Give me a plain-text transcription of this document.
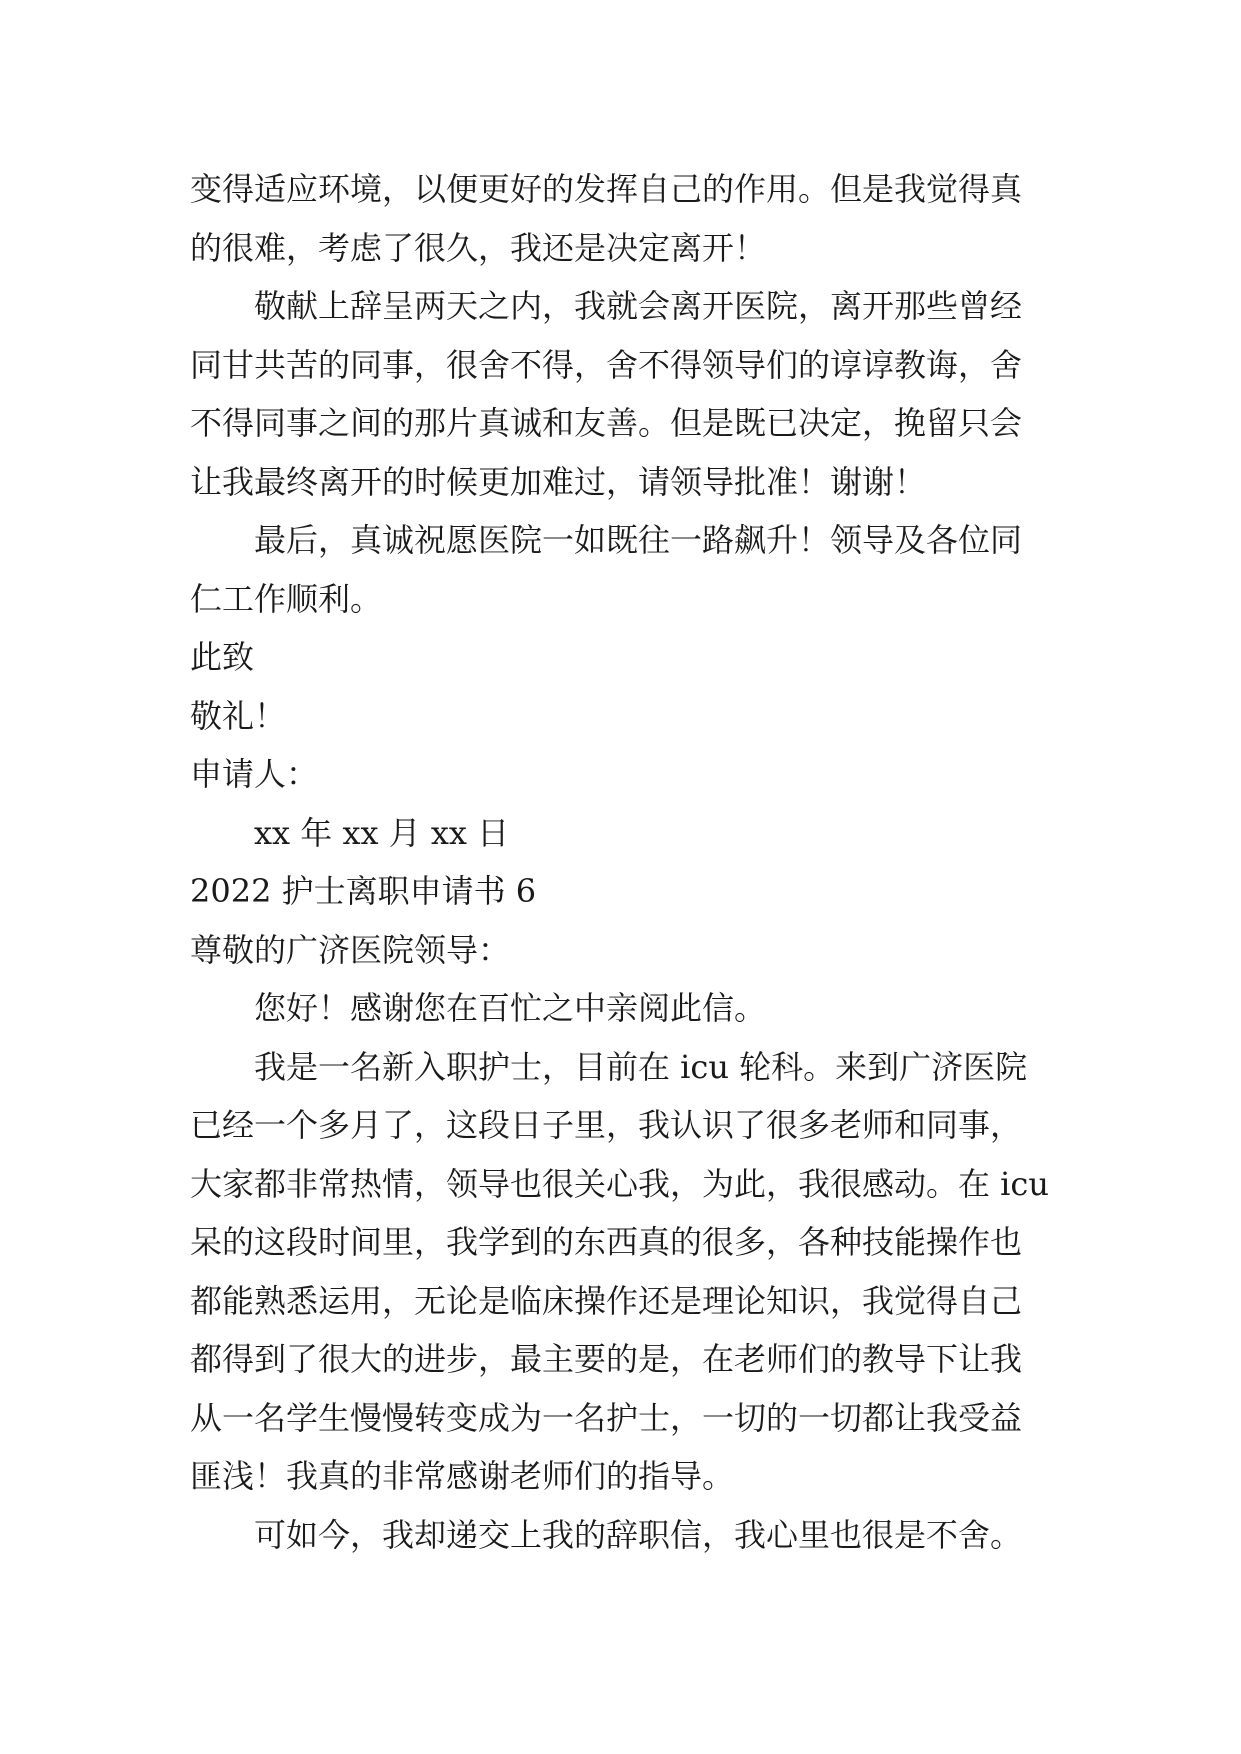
变得适应环境，以便更好的发挥自己的作用。但是我觉得真
的很难，考虑了很久，我还是决定离开！
敬献上辞呈两天之内，我就会离开医院，离开那些曾经
同甘共苦的同事，很舍不得，舍不得领导们的谆谆教诲，舍
不得同事之间的那片真诚和友善。但是既已决定，挽留只会
让我最终离开的时候更加难过，请领导批准！谢谢！
最后，真诚祝愿医院一如既往一路飙升！领导及各位同
仁工作顺利。
此致
敬礼！
申请人：
xx 年 xx 月 xx 日
2022 护士离职申请书 6
尊敬的广济医院领导：
您好！感谢您在百忙之中亲阅此信。
我是一名新入职护士，目前在 icu 轮科。来到广济医院
已经一个多月了，这段日子里，我认识了很多老师和同事，
大家都非常热情，领导也很关心我，为此，我很感动。在 icu
呆的这段时间里，我学到的东西真的很多，各种技能操作也
都能熟悉运用，无论是临床操作还是理论知识，我觉得自己
都得到了很大的进步，最主要的是，在老师们的教导下让我
从一名学生慢慢转变成为一名护士，一切的一切都让我受益
匪浅！我真的非常感谢老师们的指导。
可如今，我却递交上我的辞职信，我心里也很是不舍。
